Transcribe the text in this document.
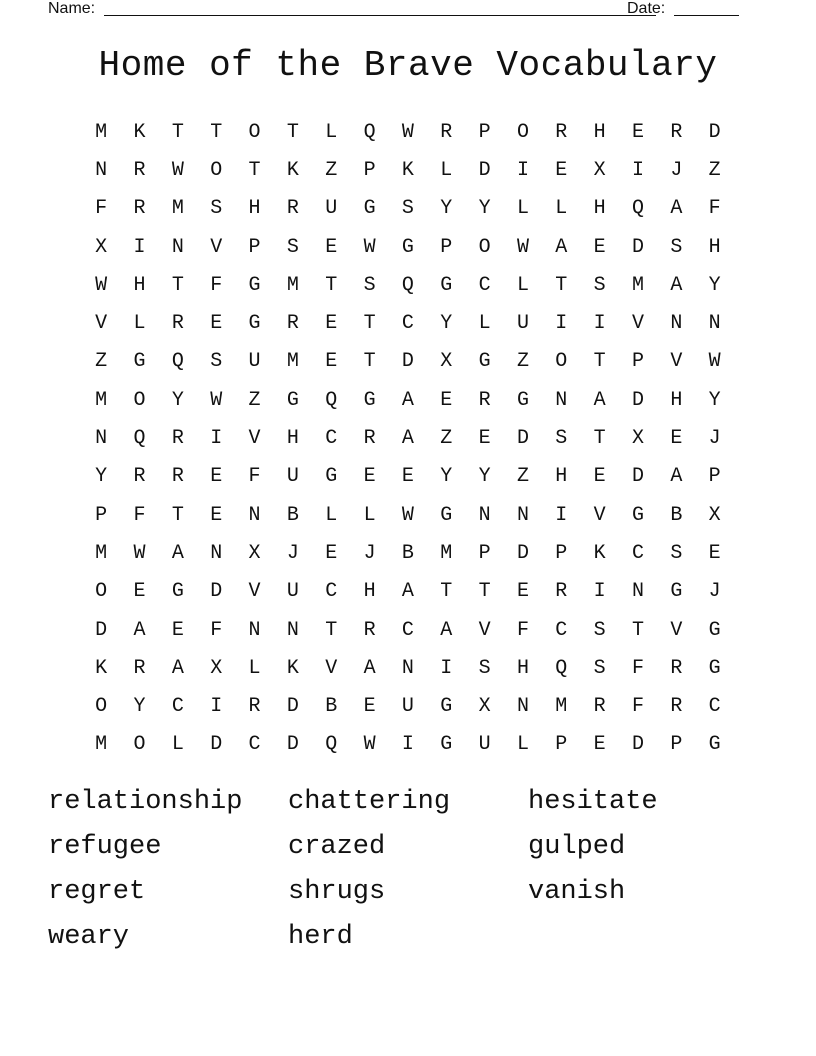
Name:	Date:
Home of the Brave Vocabulary
M	K	T	T	O	T	L	Q	W	R	P	O	R	H	E	R	D
N	R	W	O	T	K	Z	P	K	L	D	I	E	X	I	J	Z
F	R	M	S	H	R	U	G	S	Y	Y	L	L	H	Q	A	F
X	I	N	V	P	S	E	W	G	P	O	W	A	E	D	S	H
W	H	T	F	G	M	T	S	Q	G	C	L	T	S	M	A	Y
V	L	R	E	G	R	E	T	C	Y	L	U	I	I	V	N	N
Z	G	Q	S	U	M	E	T	D	X	G	Z	O	T	P	V	W
M	O	Y	W	Z	G	Q	G	A	E	R	G	N	A	D	H	Y
N	Q	R	I	V	H	C	R	A	Z	E	D	S	T	X	E	J
Y	R	R	E	F	U	G	E	E	Y	Y	Z	H	E	D	A	P
P	F	T	E	N	B	L	L	W	G	N	N	I	V	G	B	X
M	W	A	N	X	J	E	J	B	M	P	D	P	K	C	S	E
O	E	G	D	V	U	C	H	A	T	T	E	R	I	N	G	J
D	A	E	F	N	N	T	R	C	A	V	F	C	S	T	V	G
K	R	A	X	L	K	V	A	N	I	S	H	Q	S	F	R	G
O	Y	C	I	R	D	B	E	U	G	X	N	M	R	F	R	C
M	O	L	D	C	D	Q	W	I	G	U	L	P	E	D	P	G
relationship	chattering	hesitate
refugee	crazed	gulped
regret	shrugs	vanish
weary	herd
